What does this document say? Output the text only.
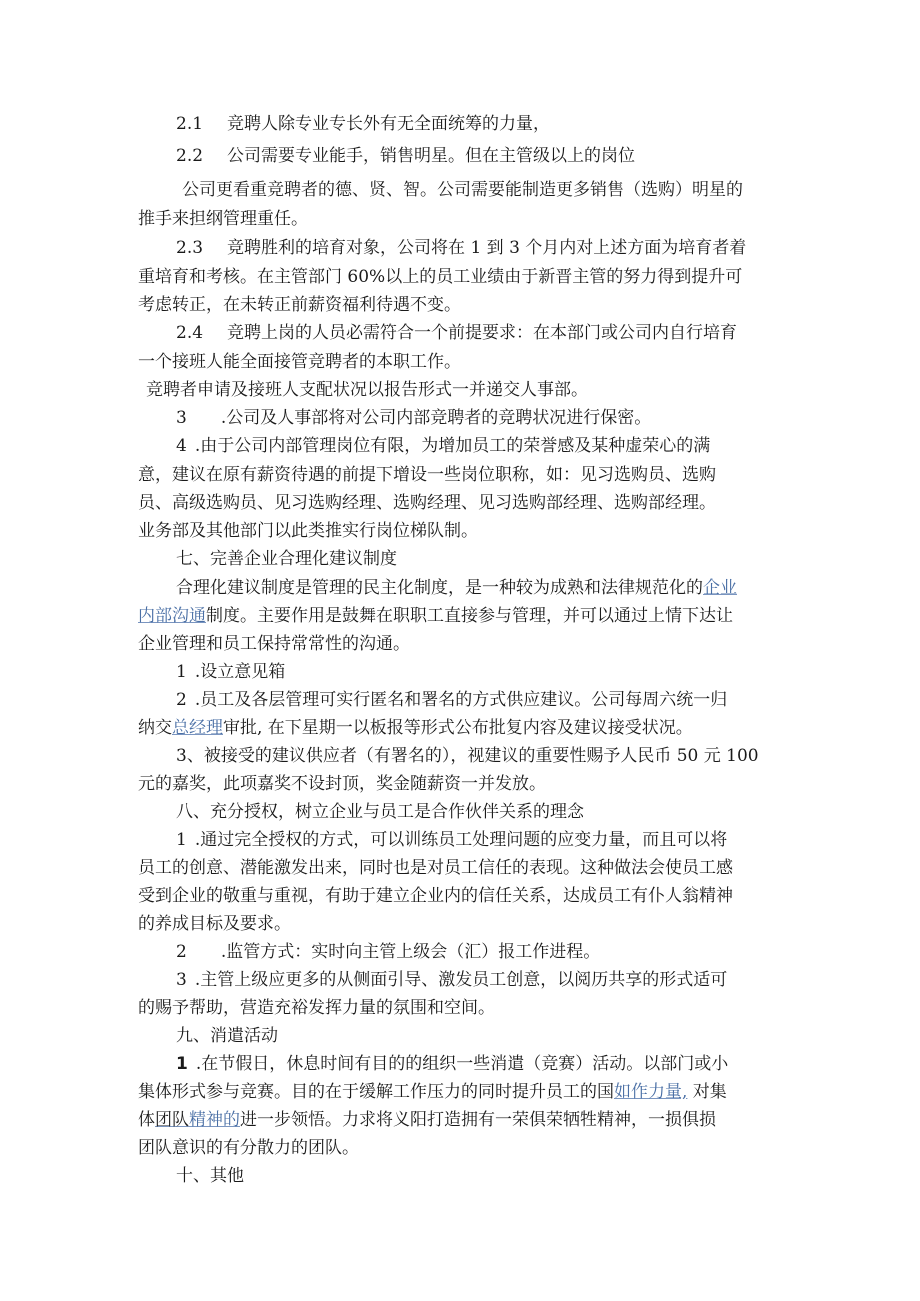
2.1 竞聘人除专业专长外有无全面统筹的力量，
2.2 公司需要专业能手，销售明星。但在主管级以上的岗位
公司更看重竞聘者的德、贤、智。公司需要能制造更多销售（选购）明星的
推手来担纲管理重任。
2.3 竞聘胜利的培育对象，公司将在 1 到 3 个月内对上述方面为培育者着
重培育和考核。在主管部门 60%以上的员工业绩由于新晋主管的努力得到提升可
考虑转正，在未转正前薪资福利待遇不变。
2.4 竞聘上岗的人员必需符合一个前提要求：在本部门或公司内自行培育
一个接班人能全面接管竞聘者的本职工作。
竞聘者申请及接班人支配状况以报告形式一并递交人事部。
3 .公司及人事部将对公司内部竞聘者的竞聘状况进行保密。
4 .由于公司内部管理岗位有限，为增加员工的荣誉感及某种虚荣心的满
意，建议在原有薪资待遇的前提下增设一些岗位职称，如：见习选购员、选购
员、高级选购员、见习选购经理、选购经理、见习选购部经理、选购部经理。
业务部及其他部门以此类推实行岗位梯队制。
七、完善企业合理化建议制度
合理化建议制度是管理的民主化制度，是一种较为成熟和法律规范化的企业
内部沟通制度。主要作用是鼓舞在职职工直接参与管理，并可以通过上情下达让
企业管理和员工保持常常性的沟通。
1 .设立意见箱
2 .员工及各层管理可实行匿名和署名的方式供应建议。公司每周六统一归
纳交总经理审批, 在下星期一以板报等形式公布批复内容及建议接受状况。
3、被接受的建议供应者（有署名的），视建议的重要性赐予人民币 50 元 100
元的嘉奖，此项嘉奖不设封顶，奖金随薪资一并发放。
八、充分授权，树立企业与员工是合作伙伴关系的理念
1 .通过完全授权的方式，可以训练员工处理问题的应变力量，而且可以将
员工的创意、潜能激发出来，同时也是对员工信任的表现。这种做法会使员工感
受到企业的敬重与重视，有助于建立企业内的信任关系，达成员工有仆人翁精神
的养成目标及要求。
2 .监管方式：实时向主管上级会（汇）报工作进程。
3 .主管上级应更多的从侧面引导、激发员工创意，以阅历共享的形式适可
的赐予帮助，营造充裕发挥力量的氛围和空间。
九、消遣活动
1 .在节假日，休息时间有目的的组织一些消遣（竞赛）活动。以部门或小
集体形式参与竞赛。目的在于缓解工作压力的同时提升员工的国如作力量, 对集
体团队精神的进一步领悟。力求将义阳打造拥有一荣俱荣牺牲精神，一损俱损
团队意识的有分散力的团队。
十、其他
